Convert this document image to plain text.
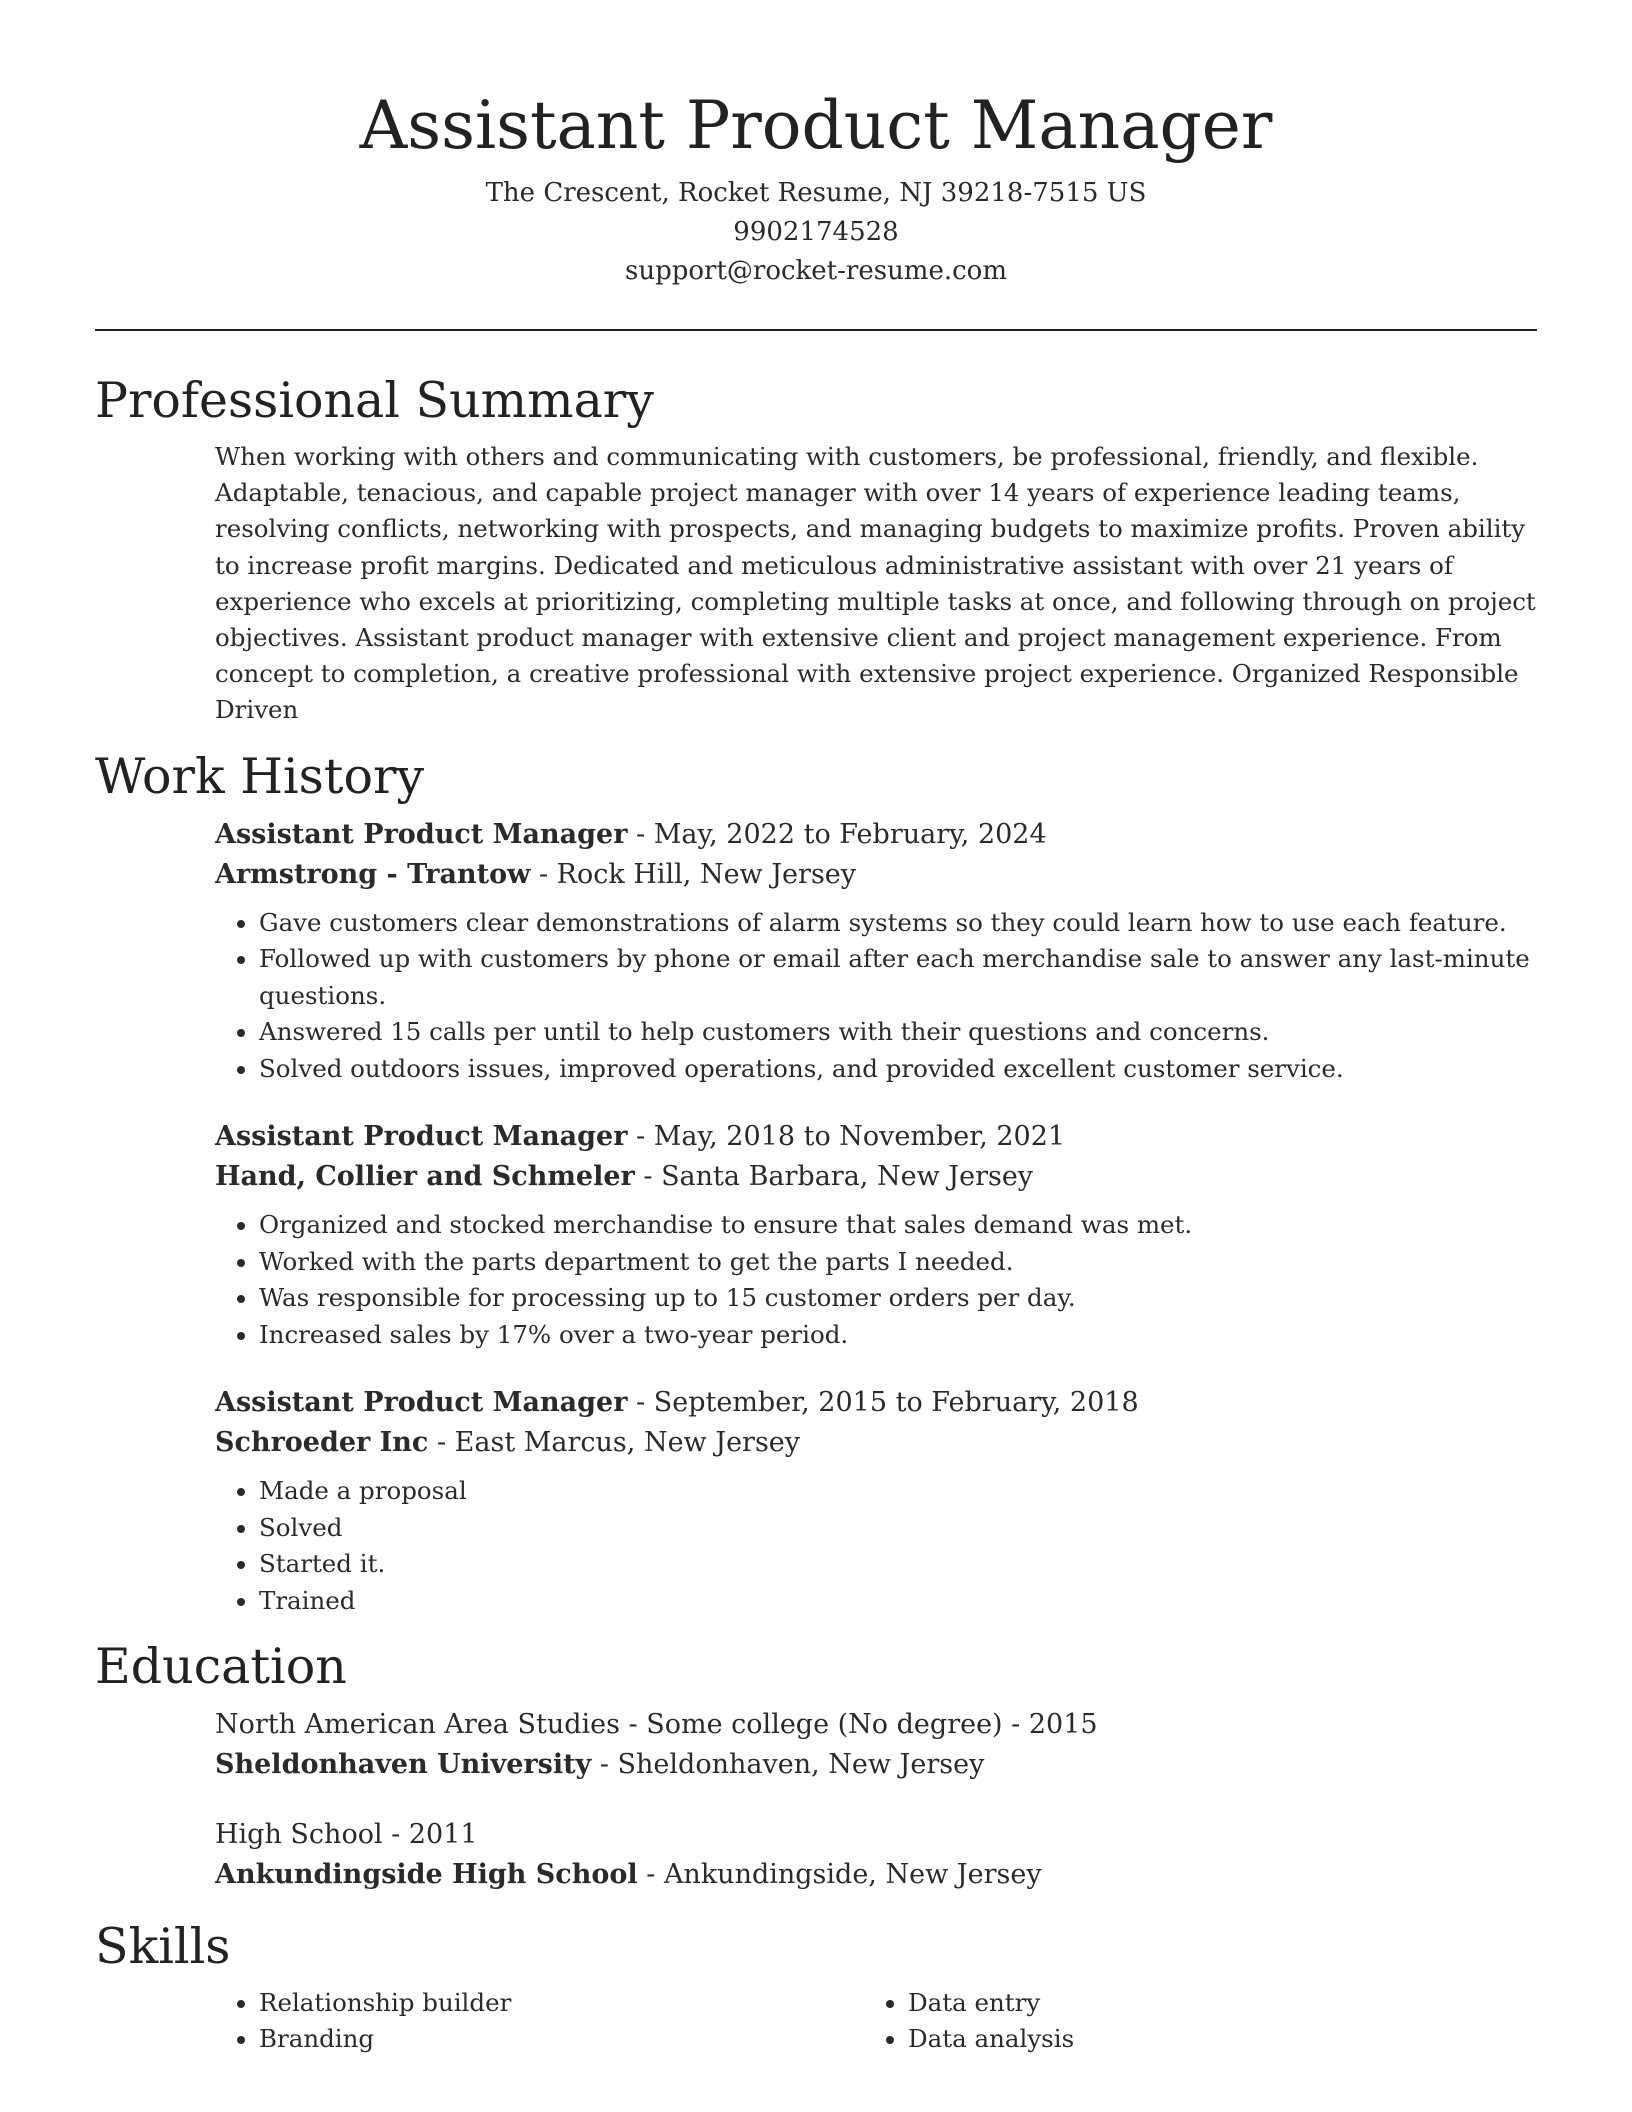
Assistant Product Manager
The Crescent, Rocket Resume, NJ 39218-7515 US
9902174528
support@rocket-resume.com
Professional Summary
When working with others and communicating with customers, be professional, friendly, and flexible. Adaptable, tenacious, and capable project manager with over 14 years of experience leading teams, resolving conflicts, networking with prospects, and managing budgets to maximize profits. Proven ability to increase profit margins. Dedicated and meticulous administrative assistant with over 21 years of experience who excels at prioritizing, completing multiple tasks at once, and following through on project objectives. Assistant product manager with extensive client and project management experience. From concept to completion, a creative professional with extensive project experience. Organized Responsible Driven
Work History
Assistant Product Manager - May, 2022 to February, 2024
Armstrong - Trantow - Rock Hill, New Jersey
• Gave customers clear demonstrations of alarm systems so they could learn how to use each feature.
• Followed up with customers by phone or email after each merchandise sale to answer any last-minute questions.
• Answered 15 calls per until to help customers with their questions and concerns.
• Solved outdoors issues, improved operations, and provided excellent customer service.
Assistant Product Manager - May, 2018 to November, 2021
Hand, Collier and Schmeler - Santa Barbara, New Jersey
• Organized and stocked merchandise to ensure that sales demand was met.
• Worked with the parts department to get the parts I needed.
• Was responsible for processing up to 15 customer orders per day.
• Increased sales by 17% over a two-year period.
Assistant Product Manager - September, 2015 to February, 2018
Schroeder Inc - East Marcus, New Jersey
• Made a proposal
• Solved
• Started it.
• Trained
Education
North American Area Studies - Some college (No degree) - 2015
Sheldonhaven University - Sheldonhaven, New Jersey
High School - 2011
Ankundingside High School - Ankundingside, New Jersey
Skills
• Relationship builder
• Branding
• Data entry
• Data analysis
